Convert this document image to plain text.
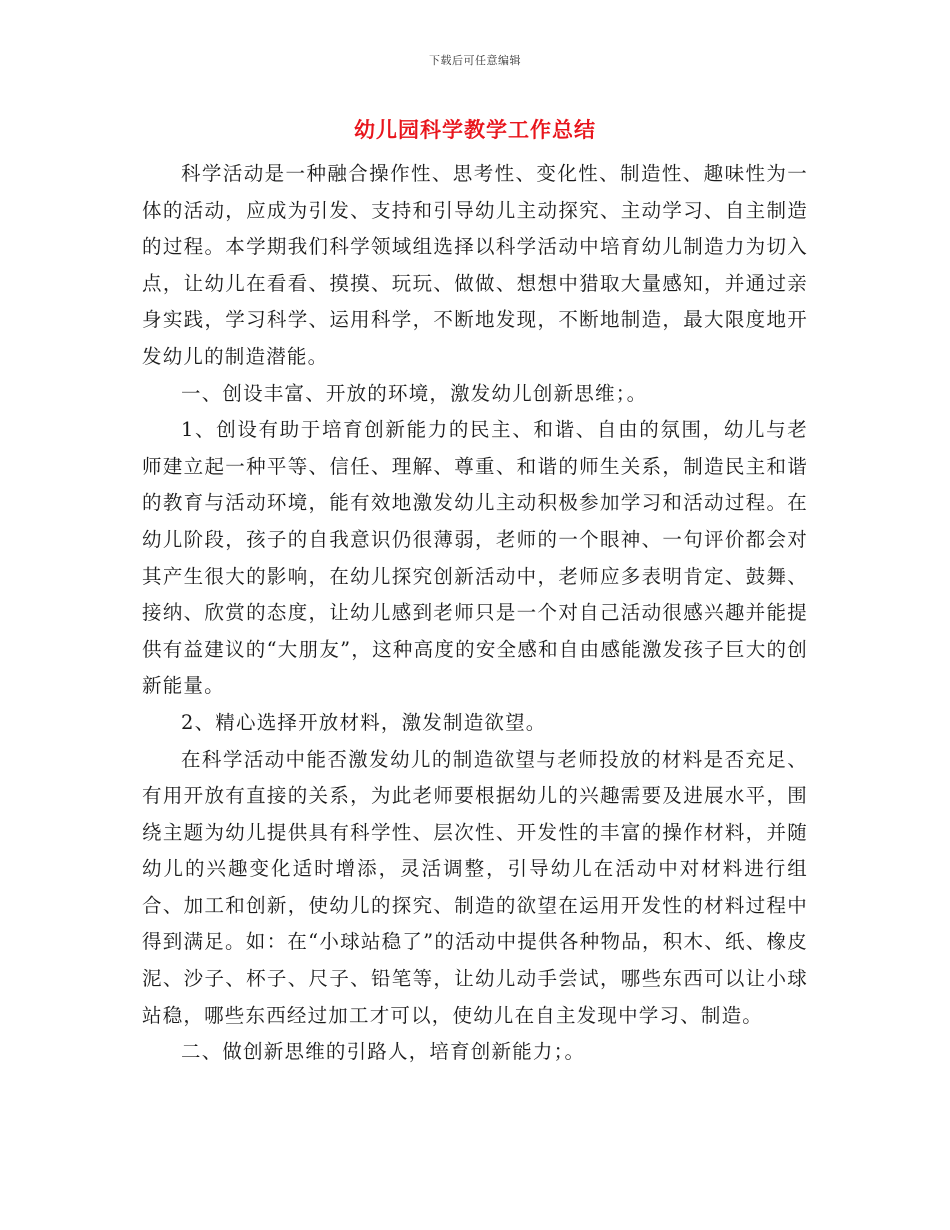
下载后可任意编辑
幼儿园科学教学工作总结

科学活动是一种融合操作性、思考性、变化性、制造性、趣味性为一体的活动，应成为引发、支持和引导幼儿主动探究、主动学习、自主制造的过程。本学期我们科学领域组选择以科学活动中培育幼儿制造力为切入点，让幼儿在看看、摸摸、玩玩、做做、想想中猎取大量感知，并通过亲身实践，学习科学、运用科学，不断地发现，不断地制造，最大限度地开发幼儿的制造潜能。

一、创设丰富、开放的环境，激发幼儿创新思维；。

1、创设有助于培育创新能力的民主、和谐、自由的氛围，幼儿与老师建立起一种平等、信任、理解、尊重、和谐的师生关系，制造民主和谐的教育与活动环境，能有效地激发幼儿主动积极参加学习和活动过程。在幼儿阶段，孩子的自我意识仍很薄弱，老师的一个眼神、一句评价都会对其产生很大的影响，在幼儿探究创新活动中，老师应多表明肯定、鼓舞、接纳、欣赏的态度，让幼儿感到老师只是一个对自己活动很感兴趣并能提供有益建议的“大朋友”，这种高度的安全感和自由感能激发孩子巨大的创新能量。

2、精心选择开放材料，激发制造欲望。

在科学活动中能否激发幼儿的制造欲望与老师投放的材料是否充足、有用开放有直接的关系，为此老师要根据幼儿的兴趣需要及进展水平，围绕主题为幼儿提供具有科学性、层次性、开发性的丰富的操作材料，并随幼儿的兴趣变化适时增添，灵活调整，引导幼儿在活动中对材料进行组合、加工和创新，使幼儿的探究、制造的欲望在运用开发性的材料过程中得到满足。如：在“小球站稳了”的活动中提供各种物品，积木、纸、橡皮泥、沙子、杯子、尺子、铅笔等，让幼儿动手尝试，哪些东西可以让小球站稳，哪些东西经过加工才可以，使幼儿在自主发现中学习、制造。

二、做创新思维的引路人，培育创新能力；。
